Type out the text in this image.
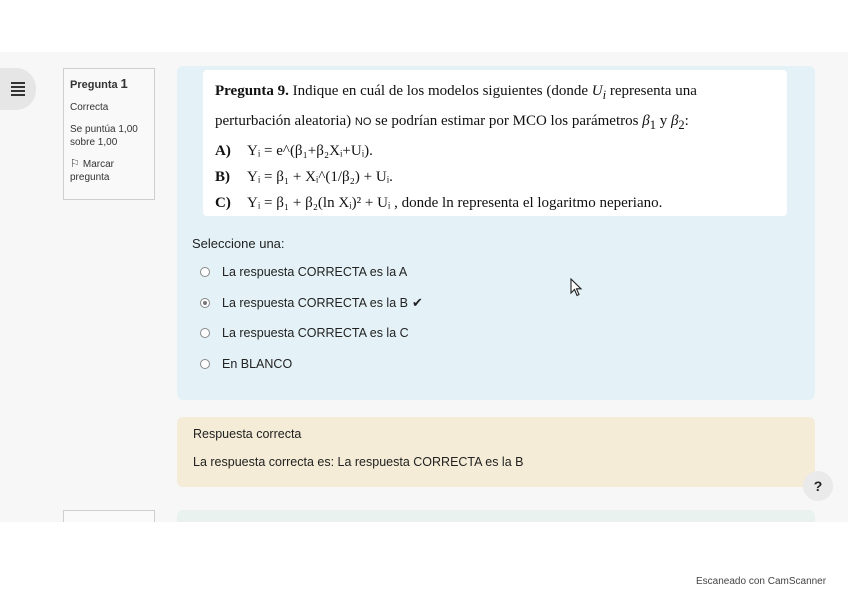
Pregunta 1
Correcta
Se puntúa 1,00
sobre 1,00
⚐ Marcar
pregunta
Pregunta 9. Indique en cuál de los modelos siguientes (donde $U_i$ representa una perturbación aleatoria) NO se podrían estimar por MCO los parámetros $\beta_1$ y $\beta_2$:
A) Yᵢ = e^(β₁+β₂Xᵢ+Uᵢ).
B) Yᵢ = β₁ + Xᵢ^(1/β₂) + Uᵢ.
C) Yᵢ = β₁ + β₂(ln Xᵢ)² + Uᵢ , donde ln representa el logaritmo neperiano.
Seleccione una:
La respuesta CORRECTA es la A
La respuesta CORRECTA es la B ✔
La respuesta CORRECTA es la C
En BLANCO
Respuesta correcta
La respuesta correcta es: La respuesta CORRECTA es la B
?
Escaneado con CamScanner
